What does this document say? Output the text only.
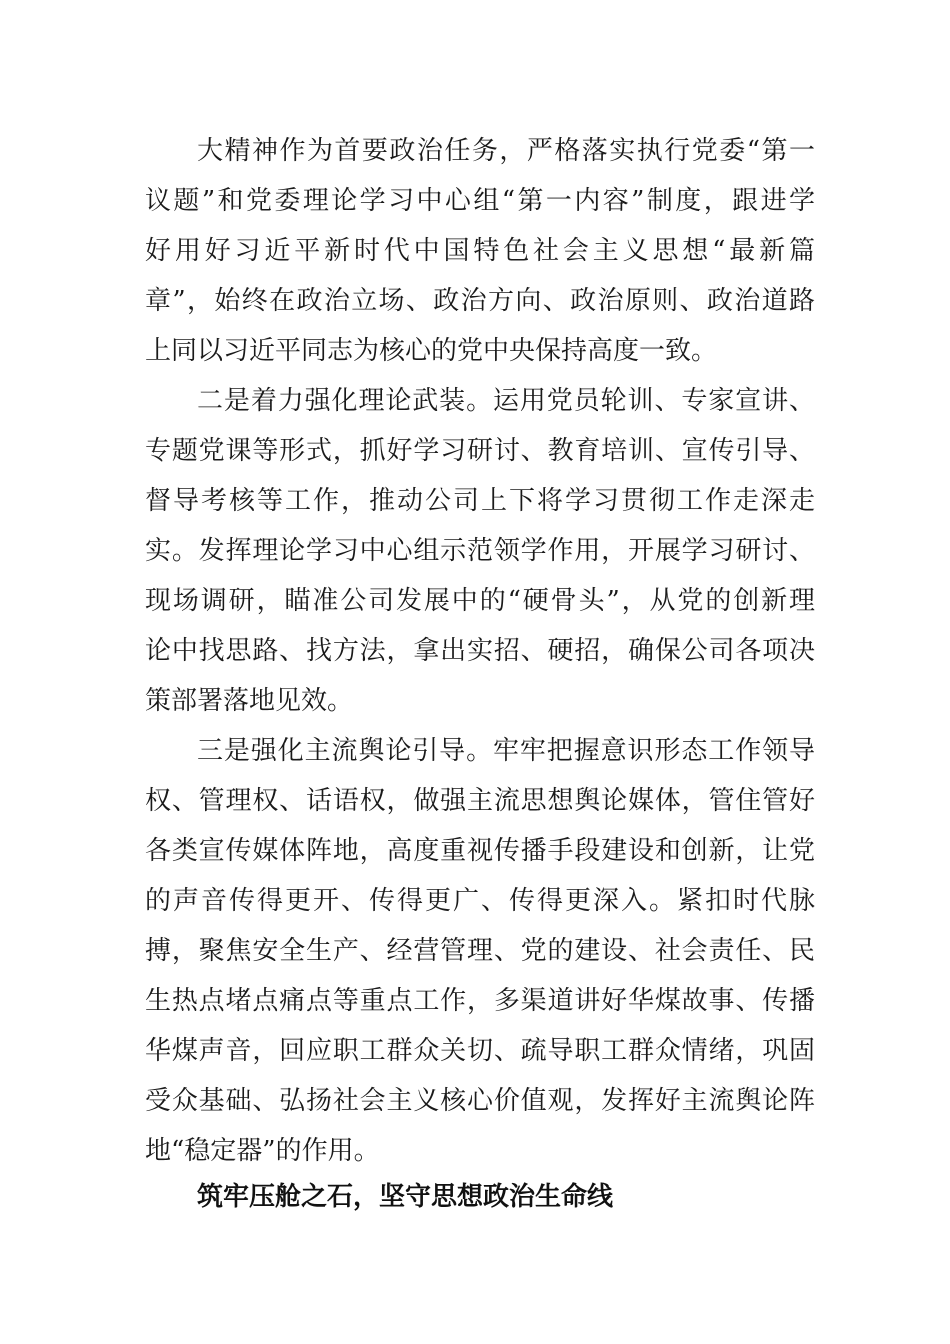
大精神作为首要政治任务，严格落实执行党委“第一
议题”和党委理论学习中心组“第一内容”制度，跟进学
好用好习近平新时代中国特色社会主义思想“最新篇
章”，始终在政治立场、政治方向、政治原则、政治道路
上同以习近平同志为核心的党中央保持高度一致。
二是着力强化理论武装。运用党员轮训、专家宣讲、
专题党课等形式，抓好学习研讨、教育培训、宣传引导、
督导考核等工作，推动公司上下将学习贯彻工作走深走
实。发挥理论学习中心组示范领学作用，开展学习研讨、
现场调研，瞄准公司发展中的“硬骨头”，从党的创新理
论中找思路、找方法，拿出实招、硬招，确保公司各项决
策部署落地见效。
三是强化主流舆论引导。牢牢把握意识形态工作领导
权、管理权、话语权，做强主流思想舆论媒体，管住管好
各类宣传媒体阵地，高度重视传播手段建设和创新，让党
的声音传得更开、传得更广、传得更深入。紧扣时代脉
搏，聚焦安全生产、经营管理、党的建设、社会责任、民
生热点堵点痛点等重点工作，多渠道讲好华煤故事、传播
华煤声音，回应职工群众关切、疏导职工群众情绪，巩固
受众基础、弘扬社会主义核心价值观，发挥好主流舆论阵
地“稳定器”的作用。
筑牢压舱之石，坚守思想政治生命线
